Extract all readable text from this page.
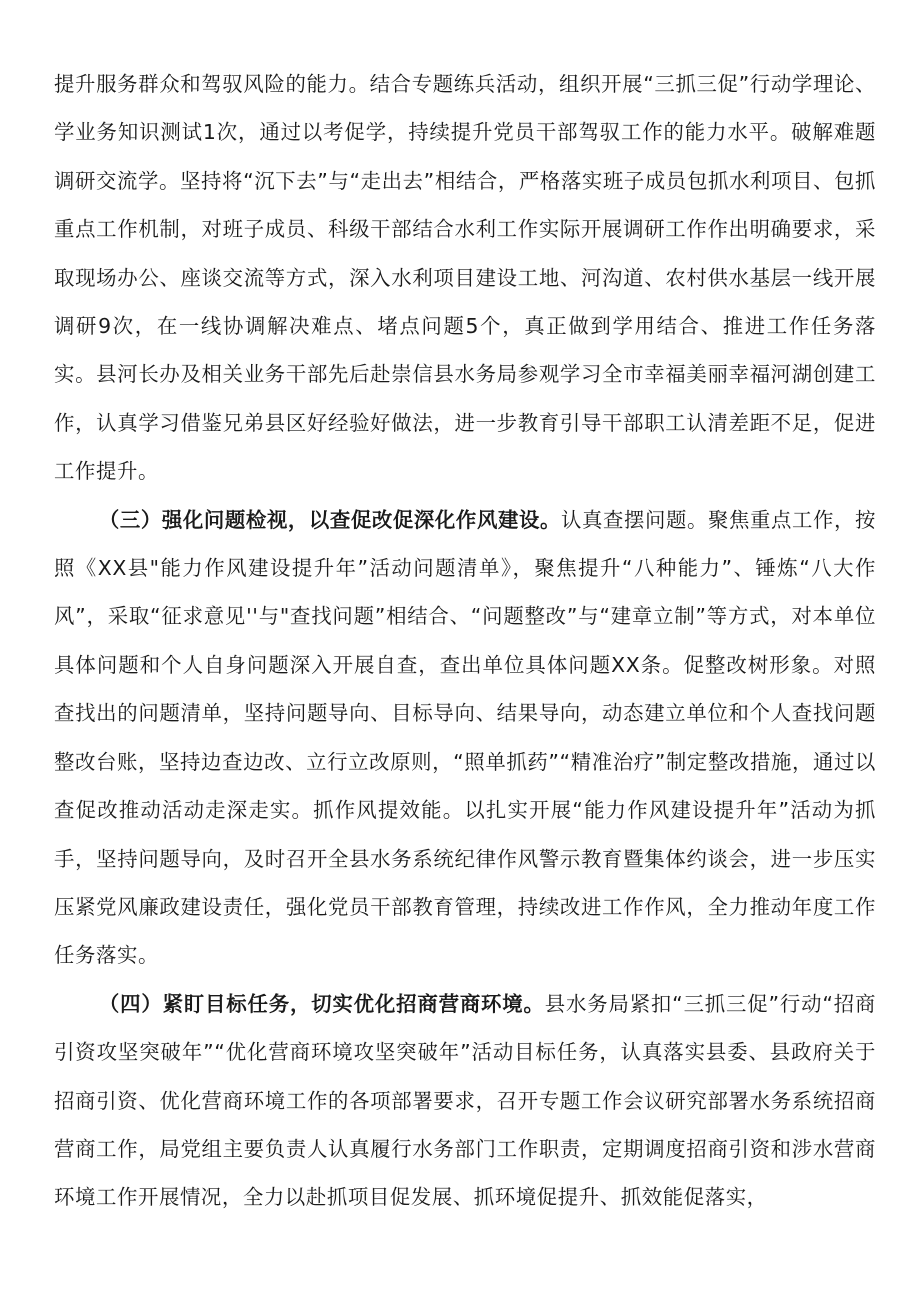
提升服务群众和驾驭风险的能力。结合专题练兵活动，组织开展“三抓三促”行动学理论、学业务知识测试1次，通过以考促学，持续提升党员干部驾驭工作的能力水平。破解难题调研交流学。坚持将“沉下去”与“走出去”相结合，严格落实班子成员包抓水利项目、包抓重点工作机制，对班子成员、科级干部结合水利工作实际开展调研工作作出明确要求，采取现场办公、座谈交流等方式，深入水利项目建设工地、河沟道、农村供水基层一线开展调研9次，在一线协调解决难点、堵点问题5个，真正做到学用结合、推进工作任务落实。县河长办及相关业务干部先后赴崇信县水务局参观学习全市幸福美丽幸福河湖创建工作，认真学习借鉴兄弟县区好经验好做法，进一步教育引导干部职工认清差距不足，促进工作提升。

（三）强化问题检视，以查促改促深化作风建设。认真查摆问题。聚焦重点工作，按照《XX县"能力作风建设提升年”活动问题清单》，聚焦提升“八种能力”、锤炼“八大作风”，采取“征求意见''与"查找问题”相结合、“问题整改”与“建章立制”等方式，对本单位具体问题和个人自身问题深入开展自查，查出单位具体问题XX条。促整改树形象。对照查找出的问题清单，坚持问题导向、目标导向、结果导向，动态建立单位和个人查找问题整改台账，坚持边查边改、立行立改原则，“照单抓药”“精准治疗”制定整改措施，通过以查促改推动活动走深走实。抓作风提效能。以扎实开展“能力作风建设提升年”活动为抓手，坚持问题导向，及时召开全县水务系统纪律作风警示教育暨集体约谈会，进一步压实压紧党风廉政建设责任，强化党员干部教育管理，持续改进工作作风，全力推动年度工作任务落实。

（四）紧盯目标任务，切实优化招商营商环境。县水务局紧扣“三抓三促”行动“招商引资攻坚突破年”“优化营商环境攻坚突破年”活动目标任务，认真落实县委、县政府关于招商引资、优化营商环境工作的各项部署要求，召开专题工作会议研究部署水务系统招商营商工作，局党组主要负责人认真履行水务部门工作职责，定期调度招商引资和涉水营商环境工作开展情况，全力以赴抓项目促发展、抓环境促提升、抓效能促落实，
